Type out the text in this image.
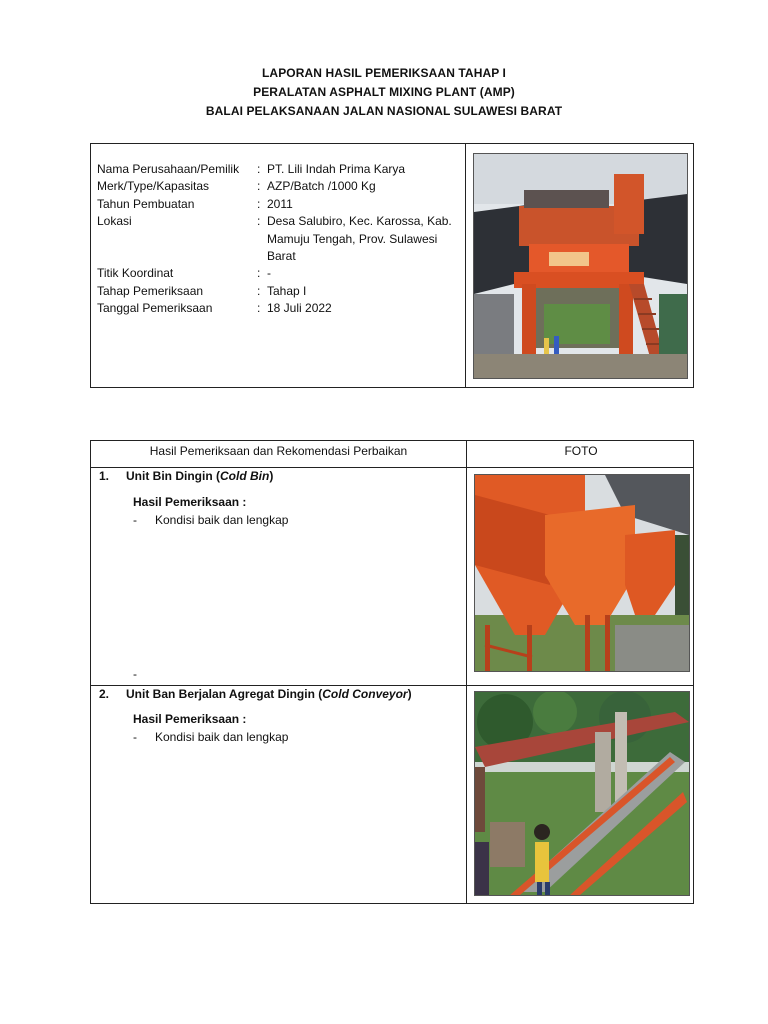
LAPORAN HASIL PEMERIKSAAN TAHAP I
PERALATAN ASPHALT MIXING PLANT (AMP)
BALAI PELAKSANAAN JALAN NASIONAL SULAWESI BARAT
Nama Perusahaan/Pemilik	: PT. Lili Indah Prima Karya
Merk/Type/Kapasitas	: AZP/Batch /1000 Kg
Tahun Pembuatan	: 2011
Lokasi	: Desa Salubiro, Kec. Karossa, Kab. Mamuju Tengah, Prov. Sulawesi Barat
Titik Koordinat	: -
Tahap Pemeriksaan	: Tahap I
Tanggal Pemeriksaan	: 18 Juli 2022
Hasil Pemeriksaan dan Rekomendasi Perbaikan	FOTO
1. Unit Bin Dingin (Cold Bin)
Hasil Pemeriksaan :
- Kondisi baik dan lengkap
-
2. Unit Ban Berjalan Agregat Dingin (Cold Conveyor)
Hasil Pemeriksaan :
- Kondisi baik dan lengkap
